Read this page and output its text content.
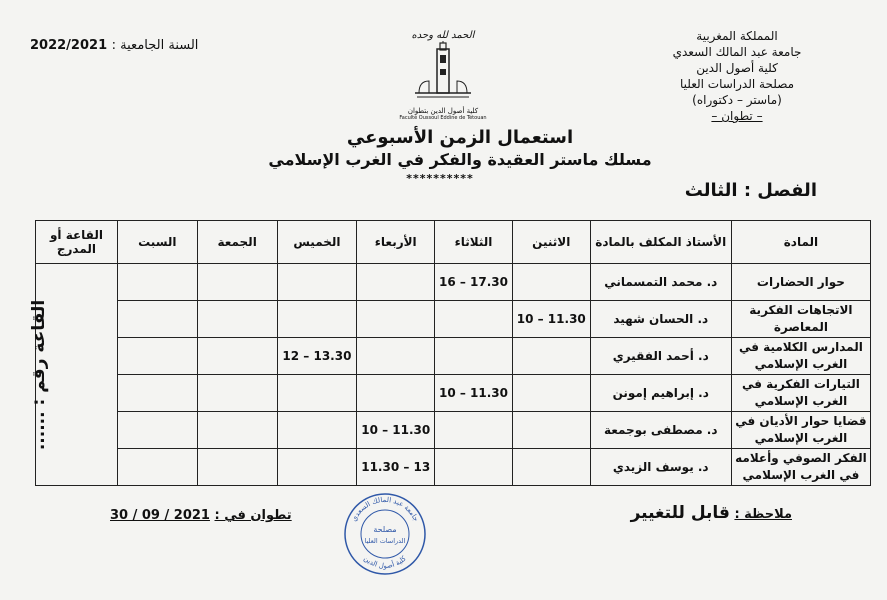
المملكة المغربية
جامعة عبد المالك السعدي
كلية أصول الدين
مصلحة الدراسات العليا
(ماستر – دكتوراه)
– تطوان –
السنة الجامعية : 2022/2021
الحمد لله وحده
كلية أصول الدين بتطوان
Faculté Oussoul Eddine de Tétouan
استعمال الزمن الأسبوعي
مسلك ماستر العقيدة والفكر في الغرب الإسلامي
**********
الفصل : الثالث
المادة	الأستاذ المكلف بالمادة	الاثنين	الثلاثاء	الأربعاء	الخميس	الجمعة	السبت	القاعة أو المدرج
حوار الحضارات	د. محمد التمسماني		16 – 17.30					القاعة رقم : ......
الاتجاهات الفكرية المعاصرة	د. الحسان شهيد	10 – 11.30						
المدارس الكلامية في الغرب الإسلامي	د. أحمد الفقيري				12 – 13.30			
التيارات الفكرية في الغرب الإسلامي	د. إبراهيم إمونن		10 – 11.30					
قضايا حوار الأديان في الغرب الإسلامي	د. مصطفى بوجمعة			10 – 11.30				
الفكر الصوفي وأعلامه في الغرب الإسلامي	د. يوسف الزيدي			11.30 – 13				
ملاحظة : قابل للتغيير
تطوان في : 30 / 09 / 2021	جامعة عبد المالك السعدي
كلية أصول الدين
مصلحة
الدراسات العليا
